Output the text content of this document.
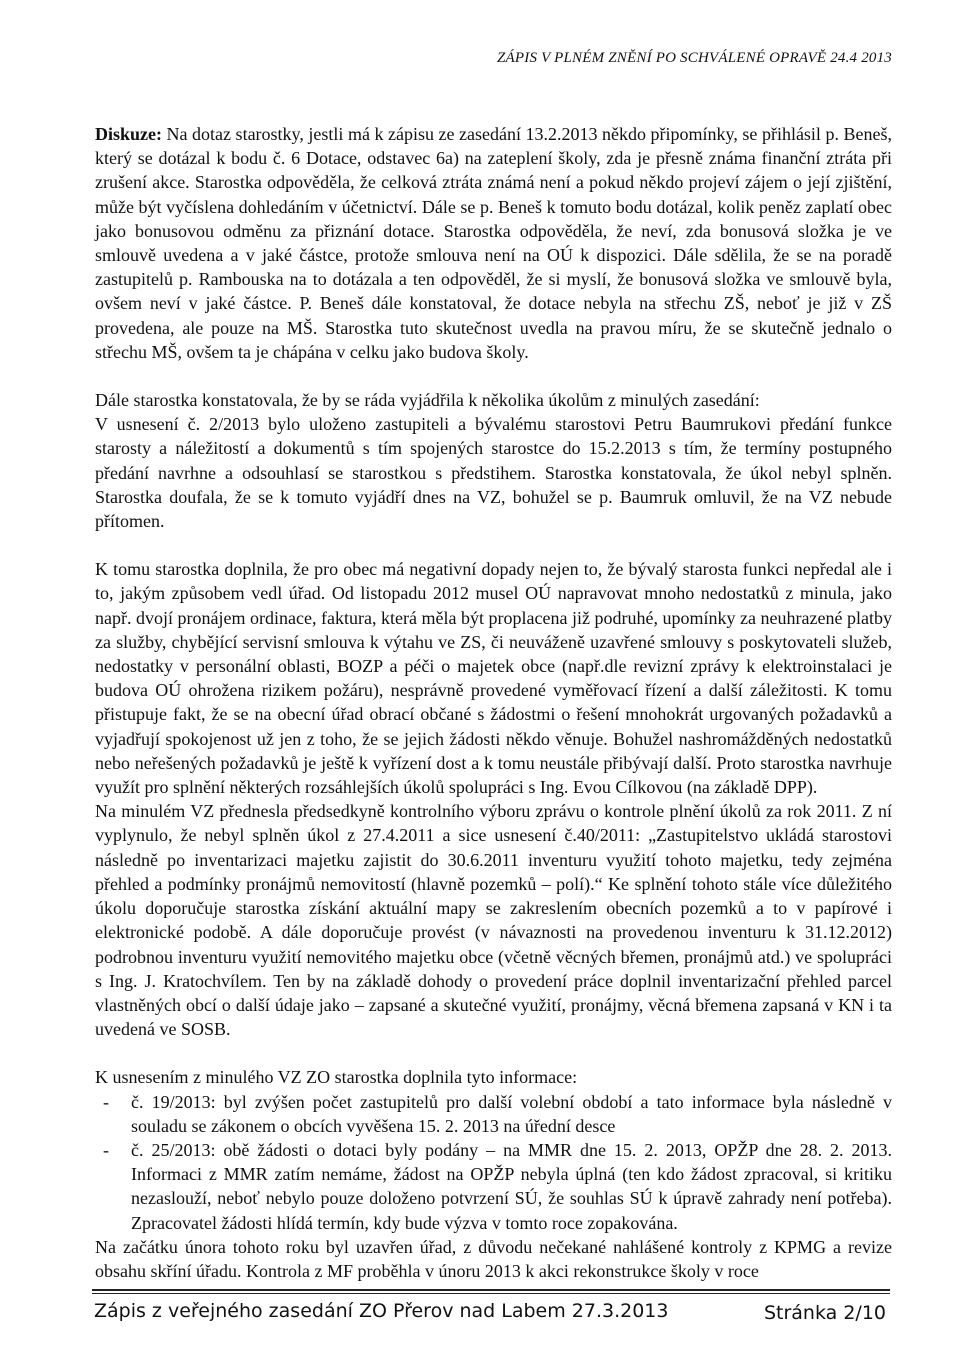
ZÁPIS V PLNÉM ZNĚNÍ PO SCHVÁLENÉ OPRAVĚ 24.4 2013

Diskuze: Na dotaz starostky, jestli má k zápisu ze zasedání 13.2.2013 někdo připomínky, se přihlásil p. Beneš, který se dotázal k bodu č. 6 Dotace, odstavec 6a) na zateplení školy, zda je přesně známa finanční ztráta při zrušení akce. Starostka odpověděla, že celková ztráta známá není a pokud někdo projeví zájem o její zjištění, může být vyčíslena dohledáním v účetnictví. Dále se p. Beneš k tomuto bodu dotázal, kolik peněz zaplatí obec jako bonusovou odměnu za přiznání dotace. Starostka odpověděla, že neví, zda bonusová složka je ve smlouvě uvedena a v jaké částce, protože smlouva není na OÚ k dispozici. Dále sdělila, že se na poradě zastupitelů p. Rambouska na to dotázala a ten odpověděl, že si myslí, že bonusová složka ve smlouvě byla, ovšem neví v jaké částce. P. Beneš dále konstatoval, že dotace nebyla na střechu ZŠ, neboť je již v ZŠ provedena, ale pouze na MŠ. Starostka tuto skutečnost uvedla na pravou míru, že se skutečně jednalo o střechu MŠ, ovšem ta je chápána v celku jako budova školy.

Dále starostka konstatovala, že by se ráda vyjádřila k několika úkolům z minulých zasedání:

V usnesení č. 2/2013 bylo uloženo zastupiteli a bývalému starostovi Petru Baumrukovi předání funkce starosty a náležitostí a dokumentů s tím spojených starostce do 15.2.2013 s tím, že termíny postupného předání navrhne a odsouhlasí se starostkou s předstihem. Starostka konstatovala, že úkol nebyl splněn. Starostka doufala, že se k tomuto vyjádří dnes na VZ, bohužel se p. Baumruk omluvil, že na VZ nebude přítomen.

K tomu starostka doplnila, že pro obec má negativní dopady nejen to, že bývalý starosta funkci nepředal ale i to, jakým způsobem vedl úřad. Od listopadu 2012 musel OÚ napravovat mnoho nedostatků z minula, jako např. dvojí pronájem ordinace, faktura, která měla být proplacena již podruhé, upomínky za neuhrazené platby za služby, chybějící servisní smlouva k výtahu ve ZS, či neuváženě uzavřené smlouvy s poskytovateli služeb, nedostatky v personální oblasti, BOZP a péči o majetek obce (např.dle revizní zprávy k elektroinstalaci je budova OÚ ohrožena rizikem požáru), nesprávně provedené vyměřovací řízení a další záležitosti. K tomu přistupuje fakt, že se na obecní úřad obrací občané s žádostmi o řešení mnohokrát urgovaných požadavků a vyjadřují spokojenost už jen z toho, že se jejich žádosti někdo věnuje. Bohužel nashromážděných nedostatků nebo neřešených požadavků je ještě k vyřízení dost a k tomu neustále přibývají další. Proto starostka navrhuje využít pro splnění některých rozsáhlejších úkolů spolupráci s Ing. Evou Cílkovou (na základě DPP).

Na minulém VZ přednesla předsedkyně kontrolního výboru zprávu o kontrole plnění úkolů za rok 2011. Z ní vyplynulo, že nebyl splněn úkol z 27.4.2011 a sice usnesení č.40/2011: „Zastupitelstvo ukládá starostovi následně po inventarizaci majetku zajistit do 30.6.2011 inventuru využití tohoto majetku, tedy zejména přehled a podmínky pronájmů nemovitostí (hlavně pozemků – polí).“ Ke splnění tohoto stále více důležitého úkolu doporučuje starostka získání aktuální mapy se zakreslením obecních pozemků a to v papírové i elektronické podobě. A dále doporučuje provést (v návaznosti na provedenou inventuru k 31.12.2012) podrobnou inventuru využití nemovitého majetku obce (včetně věcných břemen, pronájmů atd.) ve spolupráci s Ing. J. Kratochvílem. Ten by na základě dohody o provedení práce doplnil inventarizační přehled parcel vlastněných obcí o další údaje jako – zapsané a skutečné využití, pronájmy, věcná břemena zapsaná v KN i ta uvedená ve SOSB.

K usnesením z minulého VZ ZO starostka doplnila tyto informace:

- č. 19/2013: byl zvýšen počet zastupitelů pro další volební období a tato informace byla následně v souladu se zákonem o obcích vyvěšena 15. 2. 2013 na úřední desce
- č. 25/2013: obě žádosti o dotaci byly podány – na MMR dne 15. 2. 2013, OPŽP dne 28. 2. 2013. Informaci z MMR zatím nemáme, žádost na OPŽP nebyla úplná (ten kdo žádost zpracoval, si kritiku nezaslouží, neboť nebylo pouze doloženo potvrzení SÚ, že souhlas SÚ k úpravě zahrady není potřeba). Zpracovatel žádosti hlídá termín, kdy bude výzva v tomto roce zopakována.

Na začátku února tohoto roku byl uzavřen úřad, z důvodu nečekané nahlášené kontroly z KPMG a revize obsahu skříní úřadu. Kontrola z MF proběhla v únoru 2013 k akci rekonstrukce školy v roce

Zápis z veřejného zasedání ZO Přerov nad Labem 27.3.2013	Stránka 2/10
